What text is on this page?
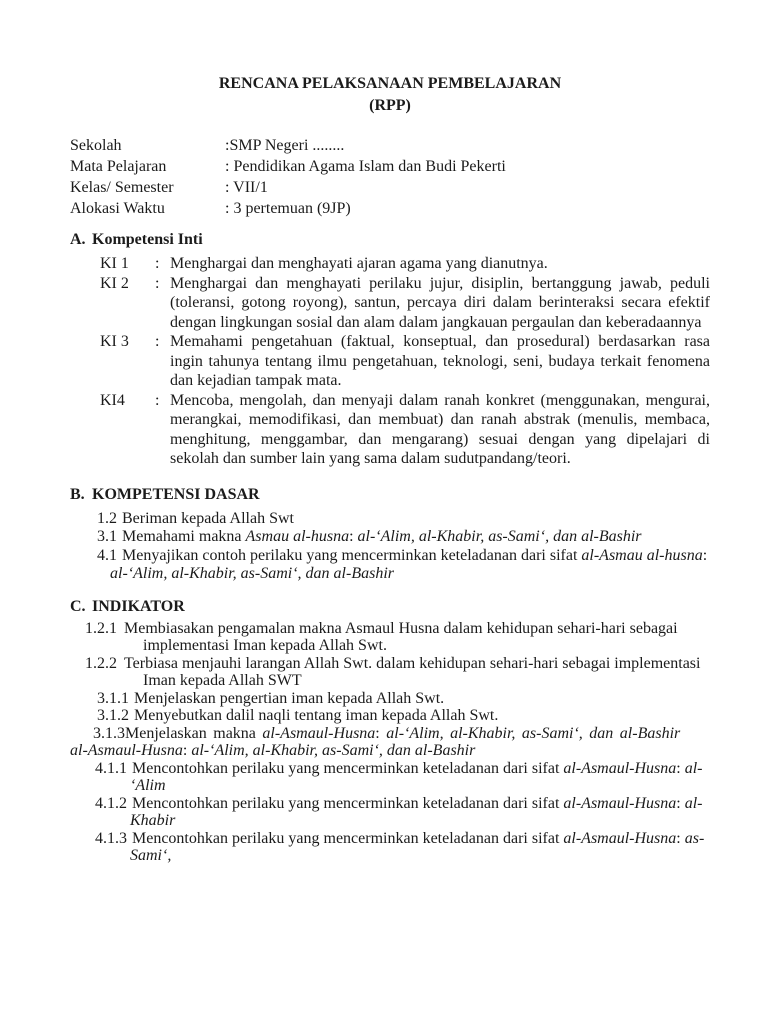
RENCANA PELAKSANAAN PEMBELAJARAN
(RPP)
Sekolah	:SMP Negeri ........
Mata Pelajaran	: Pendidikan Agama Islam dan Budi Pekerti
Kelas/ Semester	: VII/1
Alokasi Waktu	: 3 pertemuan (9JP)
A. Kompetensi Inti
KI 1	: Menghargai dan menghayati ajaran agama yang dianutnya.
KI 2	: Menghargai dan menghayati perilaku jujur, disiplin, bertanggung jawab, peduli (toleransi, gotong royong), santun, percaya diri dalam berinteraksi secara efektif dengan lingkungan sosial dan alam dalam jangkauan pergaulan dan keberadaannya
KI 3	: Memahami pengetahuan (faktual, konseptual, dan prosedural) berdasarkan rasa ingin tahunya tentang ilmu pengetahuan, teknologi, seni, budaya terkait fenomena dan kejadian tampak mata.
KI4	: Mencoba, mengolah, dan menyaji dalam ranah konkret (menggunakan, mengurai, merangkai, memodifikasi, dan membuat) dan ranah abstrak (menulis, membaca, menghitung, menggambar, dan mengarang) sesuai dengan yang dipelajari di sekolah dan sumber lain yang sama dalam sudutpandang/teori.
B. KOMPETENSI DASAR
1.2 Beriman kepada Allah Swt
3.1 Memahami makna Asmau al-husna: al-‘Alim, al-Khabir, as-Sami‘, dan al-Bashir
4.1 Menyajikan contoh perilaku yang mencerminkan keteladanan dari sifat al-Asmau al-husna:
al-‘Alim, al-Khabir, as-Sami‘, dan al-Bashir
C. INDIKATOR
1.2.1 Membiasakan pengamalan makna Asmaul Husna dalam kehidupan sehari-hari sebagai
implementasi Iman kepada Allah Swt.
1.2.2 Terbiasa menjauhi larangan Allah Swt. dalam kehidupan sehari-hari sebagai implementasi
Iman kepada Allah SWT
3.1.1 Menjelaskan pengertian iman kepada Allah Swt.
3.1.2 Menyebutkan dalil naqli tentang iman kepada Allah Swt.
3.1.3Menjelaskan makna al-Asmaul-Husna: al-‘Alim, al-Khabir, as-Sami‘, dan al-Bashir
al-Asmaul-Husna: al-‘Alim, al-Khabir, as-Sami‘, dan al-Bashir
4.1.1 Mencontohkan perilaku yang mencerminkan keteladanan dari sifat al-Asmaul-Husna: al-
‘Alim
4.1.2 Mencontohkan perilaku yang mencerminkan keteladanan dari sifat al-Asmaul-Husna: al-
Khabir
4.1.3 Mencontohkan perilaku yang mencerminkan keteladanan dari sifat al-Asmaul-Husna: as-
Sami‘,
